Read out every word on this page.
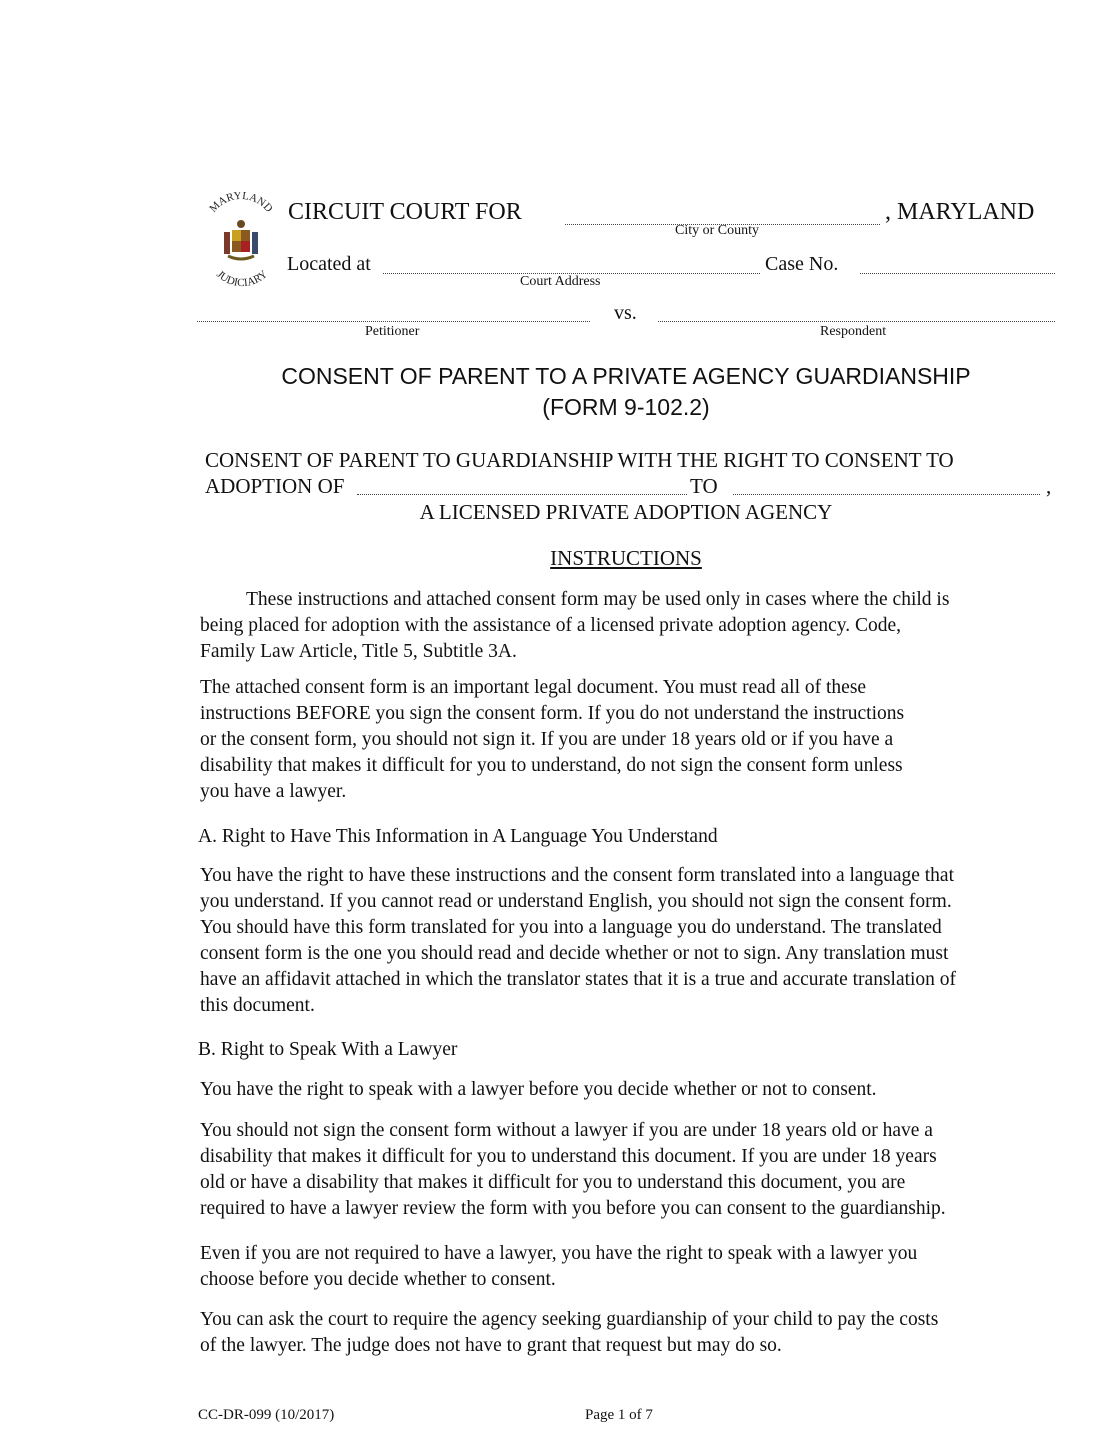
MARYLAND
JUDICIARY
CIRCUIT COURT FOR	, MARYLAND
City or County
Located at
Court Address
Case No.
vs.
Petitioner	Respondent
CONSENT OF PARENT TO A PRIVATE AGENCY GUARDIANSHIP
(FORM 9-102.2)
CONSENT OF PARENT TO GUARDIANSHIP WITH THE RIGHT TO CONSENT TO
ADOPTION OF	TO	,
A LICENSED PRIVATE ADOPTION AGENCY
INSTRUCTIONS
These instructions and attached consent form may be used only in cases where the child is
being placed for adoption with the assistance of a licensed private adoption agency. Code,
Family Law Article, Title 5, Subtitle 3A.
The attached consent form is an important legal document. You must read all of these
instructions BEFORE you sign the consent form. If you do not understand the instructions
or the consent form, you should not sign it. If you are under 18 years old or if you have a
disability that makes it difficult for you to understand, do not sign the consent form unless
you have a lawyer.
You have the right to have these instructions and the consent form translated into a language that
you understand. If you cannot read or understand English, you should not sign the consent form.
You should have this form translated for you into a language you do understand. The translated
consent form is the one you should read and decide whether or not to sign. Any translation must
have an affidavit attached in which the translator states that it is a true and accurate translation of
this document.
You have the right to speak with a lawyer before you decide whether or not to consent.
You should not sign the consent form without a lawyer if you are under 18 years old or have a
disability that makes it difficult for you to understand this document. If you are under 18 years
old or have a disability that makes it difficult for you to understand this document, you are
required to have a lawyer review the form with you before you can consent to the guardianship.
Even if you are not required to have a lawyer, you have the right to speak with a lawyer you
choose before you decide whether to consent.
You can ask the court to require the agency seeking guardianship of your child to pay the costs
of the lawyer. The judge does not have to grant that request but may do so.
A. Right to Have This Information in A Language You Understand
B. Right to Speak With a Lawyer
CC-DR-099 (10/2017)	Page 1 of 7
